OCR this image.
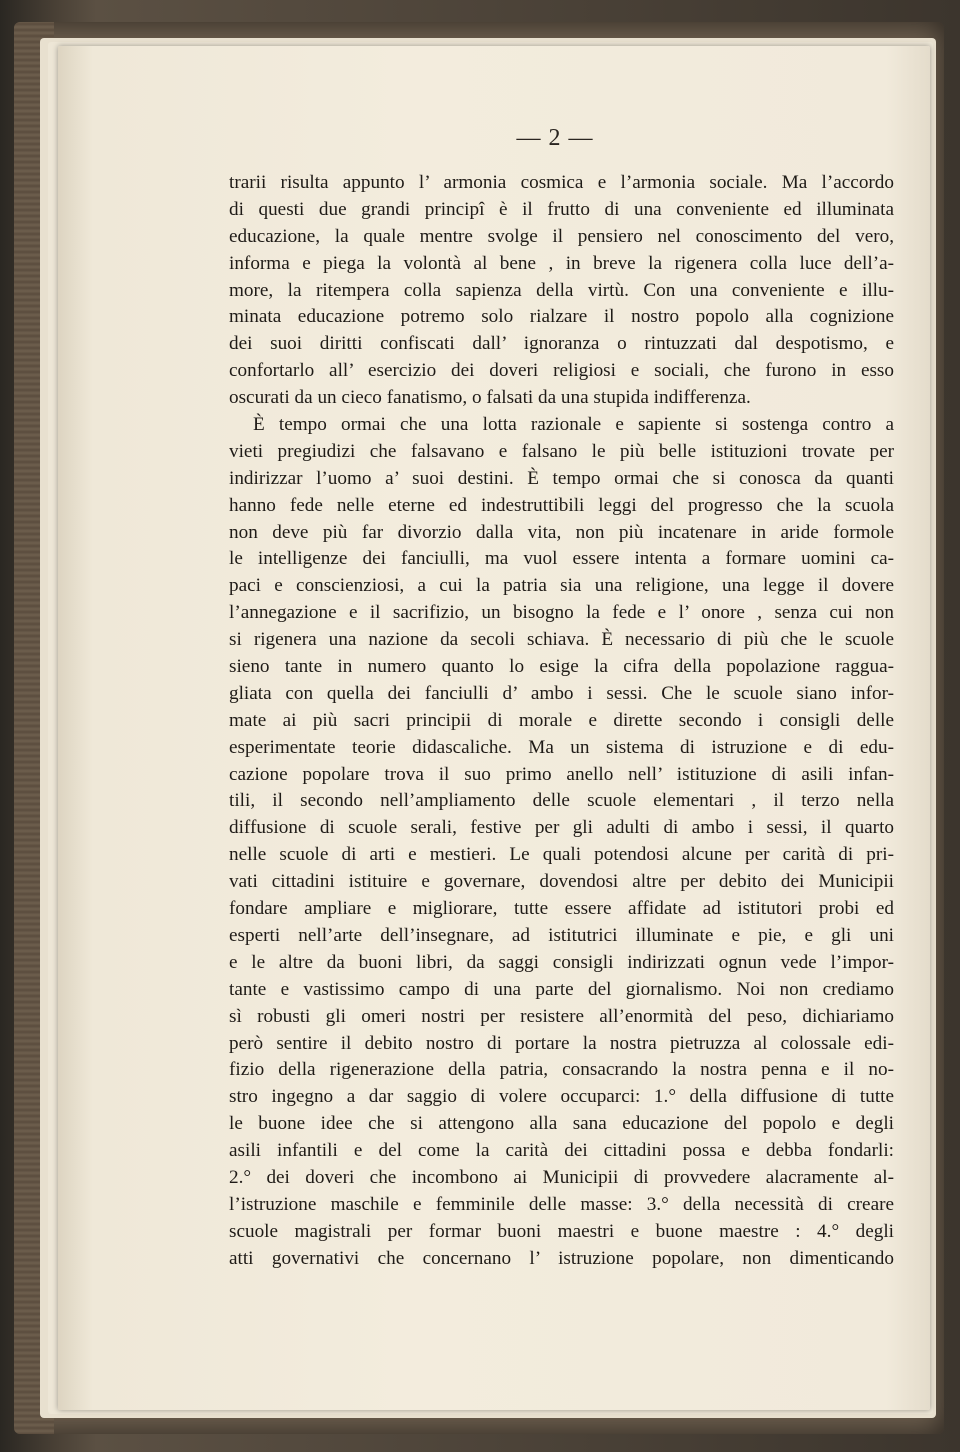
— 2 —
trarii risulta appunto l’ armonia cosmica e l’armonia sociale. Ma l’accordo
di questi due grandi principî è il frutto di una conveniente ed illuminata
educazione, la quale mentre svolge il pensiero nel conoscimento del vero,
informa e piega la volontà al bene , in breve la rigenera colla luce dell’a-
more, la ritempera colla sapienza della virtù. Con una conveniente e illu-
minata educazione potremo solo rialzare il nostro popolo alla cognizione
dei suoi diritti confiscati dall’ ignoranza o rintuzzati dal despotismo, e
confortarlo all’ esercizio dei doveri religiosi e sociali, che furono in esso
oscurati da un cieco fanatismo, o falsati da una stupida indifferenza.
È tempo ormai che una lotta razionale e sapiente si sostenga contro a
vieti pregiudizi che falsavano e falsano le più belle istituzioni trovate per
indirizzar l’uomo a’ suoi destini. È tempo ormai che si conosca da quanti
hanno fede nelle eterne ed indestruttibili leggi del progresso che la scuola
non deve più far divorzio dalla vita, non più incatenare in aride formole
le intelligenze dei fanciulli, ma vuol essere intenta a formare uomini ca-
paci e conscienziosi, a cui la patria sia una religione, una legge il dovere
l’annegazione e il sacrifizio, un bisogno la fede e l’ onore , senza cui non
si rigenera una nazione da secoli schiava. È necessario di più che le scuole
sieno tante in numero quanto lo esige la cifra della popolazione ragguа-
gliata con quella dei fanciulli d’ ambo i sessi. Che le scuole siano infor-
mate ai più sacri principii di morale e dirette secondo i consigli delle
esperimentate teorie didascaliche. Ma un sistema di istruzione e di edu-
cazione popolare trova il suo primo anello nell’ istituzione di asili infan-
tili, il secondo nell’ampliamento delle scuole elementari , il terzo nella
diffusione di scuole serali, festive per gli adulti di ambo i sessi, il quarto
nelle scuole di arti e mestieri. Le quali potendosi alcune per carità di pri-
vati cittadini istituire e governare, dovendosi altre per debito dei Municipii
fondare ampliare e migliorare, tutte essere affidate ad istitutori probi ed
esperti nell’arte dell’insegnare, ad istitutrici illuminate e pie, e gli uni
e le altre da buoni libri, da saggi consigli indirizzati ognun vede l’impor-
tante e vastissimo campo di una parte del giornalismo. Noi non crediamo
sì robusti gli omeri nostri per resistere all’enormità del peso, dichiariamo
però sentire il debito nostro di portare la nostra pietruzza al colossale edi-
fizio della rigenerazione della patria, consacrando la nostra penna e il no-
stro ingegno a dar saggio di volere occuparci: 1.° della diffusione di tutte
le buone idee che si attengono alla sana educazione del popolo e degli
asili infantili e del come la carità dei cittadini possa e debba fondarli:
2.° dei doveri che incombono ai Municipii di provvedere alacramente al-
l’istruzione maschile e femminile delle masse: 3.° della necessità di creare
scuole magistrali per formar buoni maestri e buone maestre : 4.° degli
atti governativi che concernano l’ istruzione popolare, non dimenticando
